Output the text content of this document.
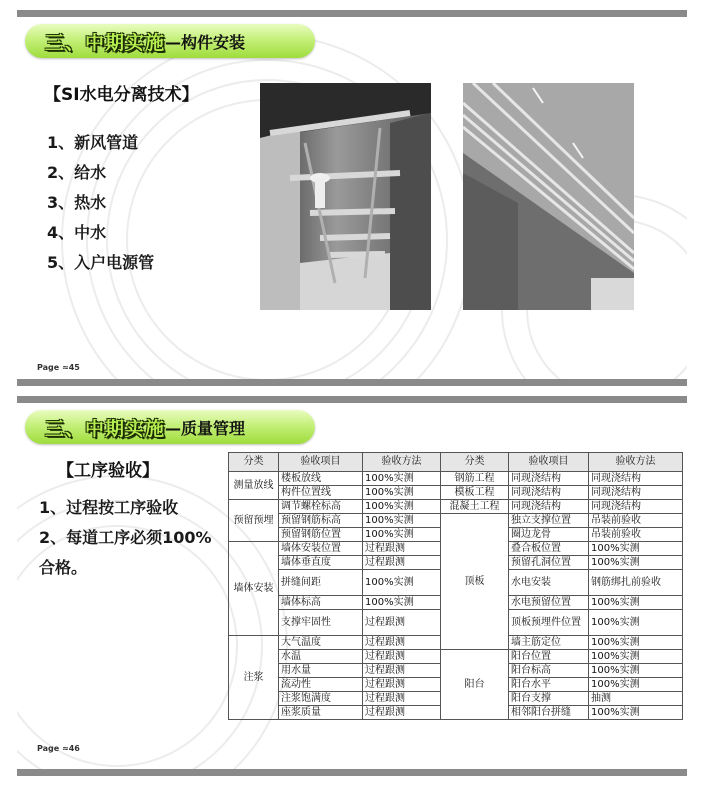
三、中期实施 —构件安装
【SI水电分离技术】
1、新风管道
2、给水
3、热水
4、中水
5、入户电源管
Page ≈45
三、中期实施 —质量管理
【工序验收】
1、过程按工序验收
2、每道工序必须100%
合格。
分类	验收项目	验收方法	分类	验收项目	验收方法
测量放线	楼板放线	100%实测	钢筋工程	同现浇结构	同现浇结构
	构件位置线	100%实测	模板工程	同现浇结构	同现浇结构
预留预埋	调节螺栓标高	100%实测	混凝土工程	同现浇结构	同现浇结构
	预留钢筋标高	100%实测	顶板	独立支撑位置	吊装前验收
	预留钢筋位置	100%实测		圈边龙骨	吊装前验收
墙体安装	墙体安装位置	过程跟测		叠合板位置	100%实测
	墙体垂直度	过程跟测		预留孔洞位置	100%实测
	拼缝间距	100%实测		水电安装	钢筋绑扎前验收
	墙体标高	100%实测		水电预留位置	100%实测
	支撑牢固性	过程跟测		顶板预埋件位置	100%实测
注浆	大气温度	过程跟测		墙主筋定位	100%实测
	水温	过程跟测	阳台	阳台位置	100%实测
	用水量	过程跟测		阳台标高	100%实测
	流动性	过程跟测		阳台水平	100%实测
	注浆饱满度	过程跟测		阳台支撑	抽测
	座浆质量	过程跟测		相邻阳台拼缝	100%实测
Page ≈46
